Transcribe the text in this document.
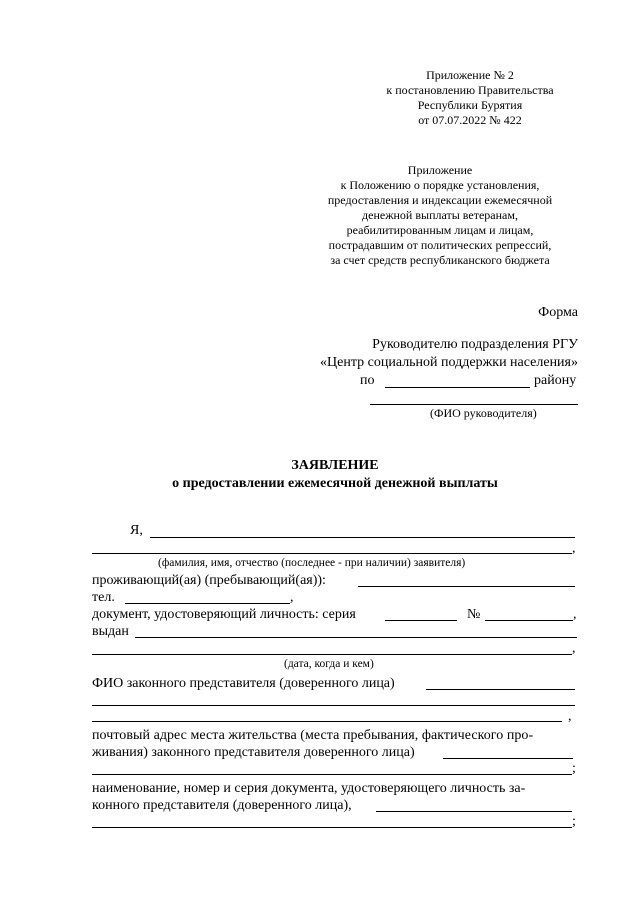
Приложение № 2
к постановлению Правительства
Республики Бурятия
от 07.07.2022 № 422
Приложение
к Положению о порядке установления,
предоставления и индексации ежемесячной
денежной выплаты ветеранам,
реабилитированным лицам и лицам,
пострадавшим от политических репрессий,
за счет средств республиканского бюджета
Форма
Руководителю подразделения РГУ
«Центр социальной поддержки населения»
по	району
(ФИО руководителя)
ЗАЯВЛЕНИЕ
о предоставлении ежемесячной денежной выплаты
Я,
,
(фамилия, имя, отчество (последнее - при наличии) заявителя)
проживающий(ая) (пребывающий(ая)):
тел.	,
документ, удостоверяющий личность: серия	№	,
выдан
,
(дата, когда и кем)
ФИО законного представителя (доверенного лица)
,
почтовый адрес места жительства (места пребывания, фактического про-
живания) законного представителя доверенного лица)
;
наименование, номер и серия документа, удостоверяющего личность за-
конного представителя (доверенного лица),
;
